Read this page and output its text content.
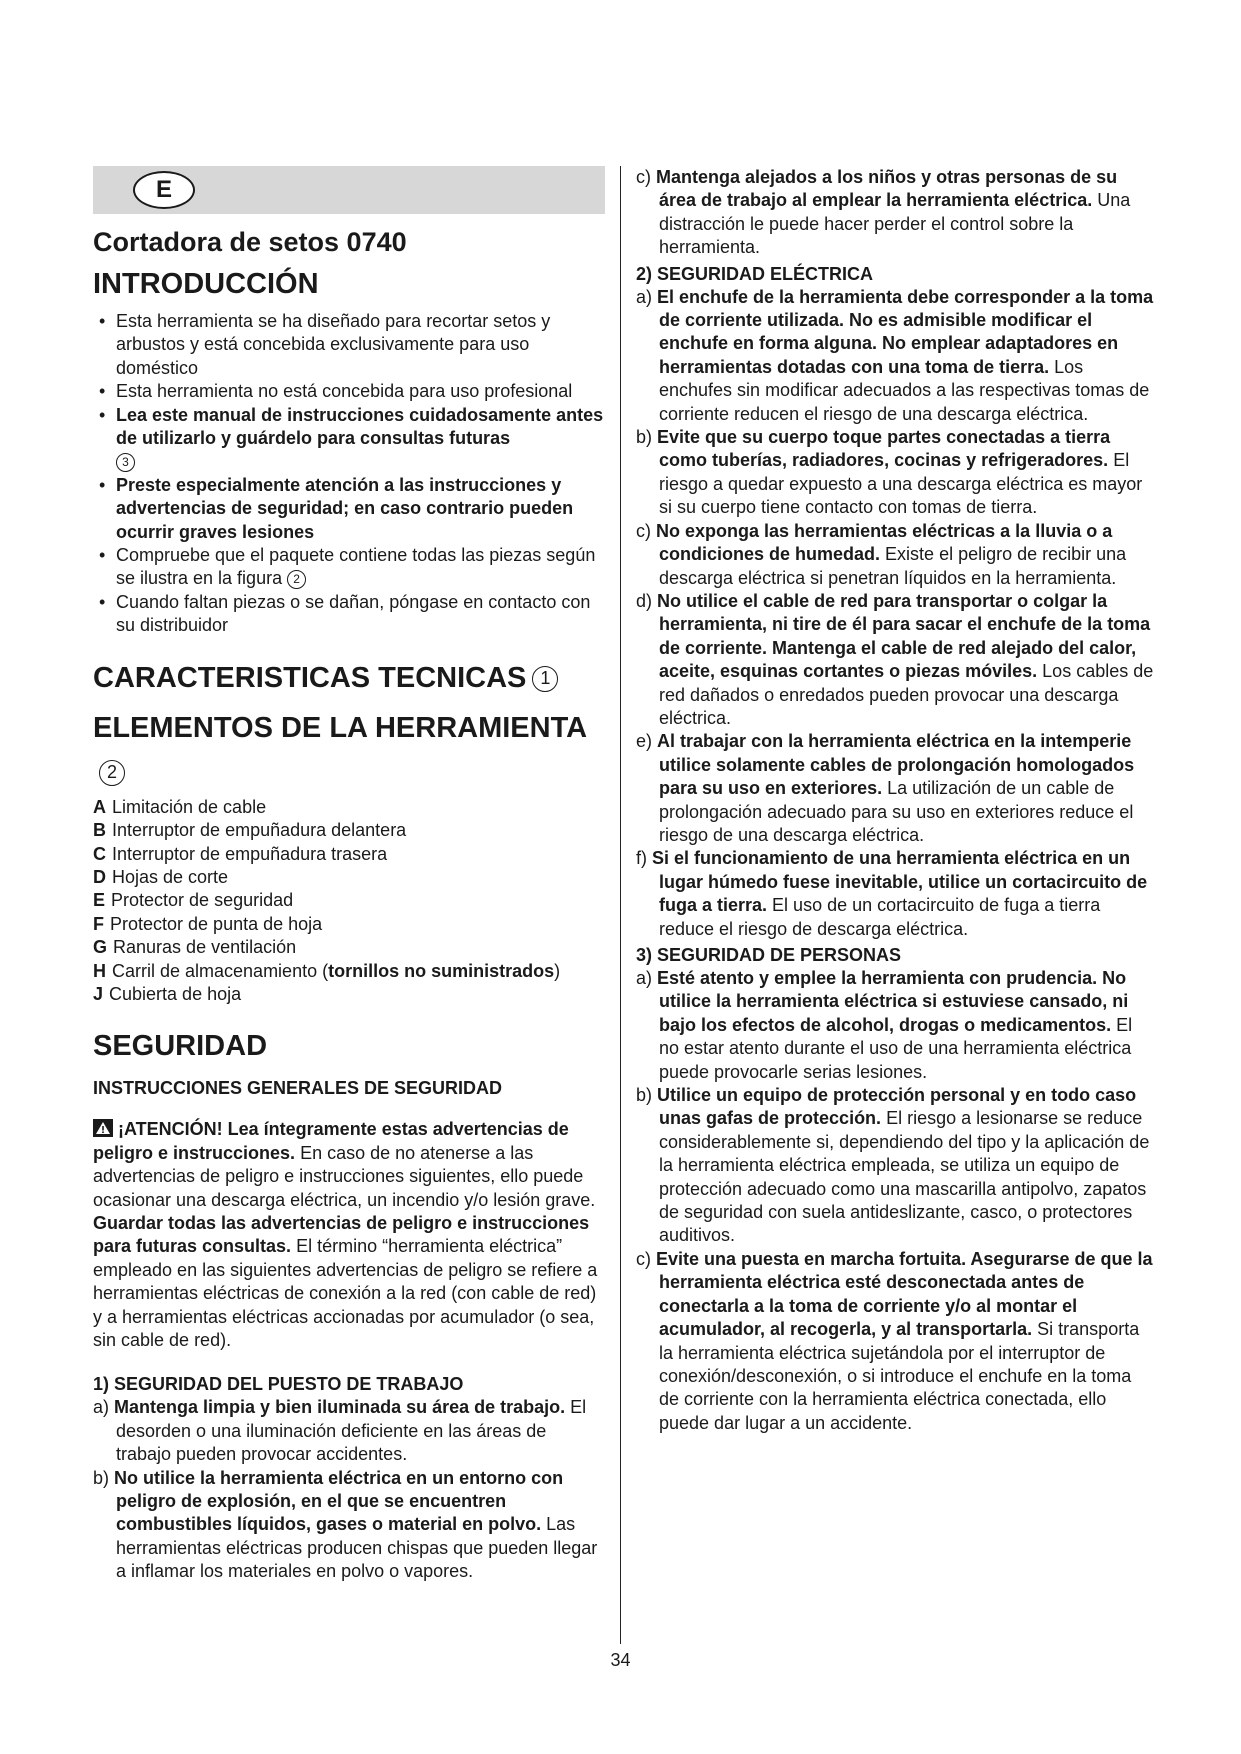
E
Cortadora de setos 0740
INTRODUCCIÓN
• Esta herramienta se ha diseñado para recortar setos y arbustos y está concebida exclusivamente para uso doméstico
• Esta herramienta no está concebida para uso profesional
• Lea este manual de instrucciones cuidadosamente antes de utilizarlo y guárdelo para consultas futuras
3
• Preste especialmente atención a las instrucciones y advertencias de seguridad; en caso contrario pueden ocurrir graves lesiones
• Compruebe que el paquete contiene todas las piezas según se ilustra en la figura 2
• Cuando faltan piezas o se dañan, póngase en contacto con su distribuidor
CARACTERISTICAS TECNICAS 1
ELEMENTOS DE LA HERRAMIENTA2
A Limitación de cable
B Interruptor de empuñadura delantera
C Interruptor de empuñadura trasera
D Hojas de corte
E Protector de seguridad
F Protector de punta de hoja
G Ranuras de ventilación
H Carril de almacenamiento (tornillos no suministrados)
J Cubierta de hoja
SEGURIDAD
INSTRUCCIONES GENERALES DE SEGURIDAD
¡ATENCIÓN! Lea íntegramente estas advertencias de peligro e instrucciones. En caso de no atenerse a las advertencias de peligro e instrucciones siguientes, ello puede ocasionar una descarga eléctrica, un incendio y/o lesión grave. Guardar todas las advertencias de peligro e instrucciones para futuras consultas. El término “herramienta eléctrica” empleado en las siguientes advertencias de peligro se refiere a herramientas eléctricas de conexión a la red (con cable de red) y a herramientas eléctricas accionadas por acumulador (o sea, sin cable de red).
1) SEGURIDAD DEL PUESTO DE TRABAJO
a) Mantenga limpia y bien iluminada su área de trabajo. El desorden o una iluminación deficiente en las áreas de trabajo pueden provocar accidentes.
b) No utilice la herramienta eléctrica en un entorno con peligro de explosión, en el que se encuentren combustibles líquidos, gases o material en polvo. Las herramientas eléctricas producen chispas que pueden llegar a inflamar los materiales en polvo o vapores.
c) Mantenga alejados a los niños y otras personas de su área de trabajo al emplear la herramienta eléctrica. Una distracción le puede hacer perder el control sobre la herramienta.
2) SEGURIDAD ELÉCTRICA
a) El enchufe de la herramienta debe corresponder a la toma de corriente utilizada. No es admisible modificar el enchufe en forma alguna. No emplear adaptadores en herramientas dotadas con una toma de tierra. Los enchufes sin modificar adecuados a las respectivas tomas de corriente reducen el riesgo de una descarga eléctrica.
b) Evite que su cuerpo toque partes conectadas a tierra como tuberías, radiadores, cocinas y refrigeradores. El riesgo a quedar expuesto a una descarga eléctrica es mayor si su cuerpo tiene contacto con tomas de tierra.
c) No exponga las herramientas eléctricas a la lluvia o a condiciones de humedad. Existe el peligro de recibir una descarga eléctrica si penetran líquidos en la herramienta.
d) No utilice el cable de red para transportar o colgar la herramienta, ni tire de él para sacar el enchufe de la toma de corriente. Mantenga el cable de red alejado del calor, aceite, esquinas cortantes o piezas móviles. Los cables de red dañados o enredados pueden provocar una descarga eléctrica.
e) Al trabajar con la herramienta eléctrica en la intemperie utilice solamente cables de prolongación homologados para su uso en exteriores. La utilización de un cable de prolongación adecuado para su uso en exteriores reduce el riesgo de una descarga eléctrica.
f) Si el funcionamiento de una herramienta eléctrica en un lugar húmedo fuese inevitable, utilice un cortacircuito de fuga a tierra. El uso de un cortacircuito de fuga a tierra reduce el riesgo de descarga eléctrica.
3) SEGURIDAD DE PERSONAS
a) Esté atento y emplee la herramienta con prudencia. No utilice la herramienta eléctrica si estuviese cansado, ni bajo los efectos de alcohol, drogas o medicamentos. El no estar atento durante el uso de una herramienta eléctrica puede provocarle serias lesiones.
b) Utilice un equipo de protección personal y en todo caso unas gafas de protección. El riesgo a lesionarse se reduce considerablemente si, dependiendo del tipo y la aplicación de la herramienta eléctrica empleada, se utiliza un equipo de protección adecuado como una mascarilla antipolvo, zapatos de seguridad con suela antideslizante, casco, o protectores auditivos.
c) Evite una puesta en marcha fortuita. Asegurarse de que la herramienta eléctrica esté desconectada antes de conectarla a la toma de corriente y/o al montar el acumulador, al recogerla, y al transportarla. Si transporta la herramienta eléctrica sujetándola por el interruptor de conexión/desconexión, o si introduce el enchufe en la toma de corriente con la herramienta eléctrica conectada, ello puede dar lugar a un accidente.
34
